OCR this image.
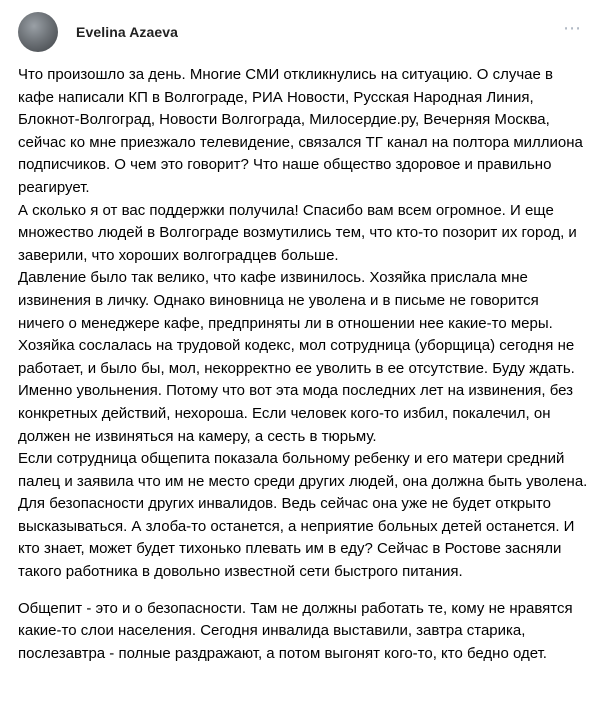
Evelina Azaeva	⋯

Что произошло за день. Многие СМИ откликнулись на ситуацию. О случае в кафе написали КП в Волгограде, РИА Новости, Русская Народная Линия, Блокнот-Волгоград, Новости Волгограда, Милосердие.ру, Вечерняя Москва, сейчас ко мне приезжало телевидение, связался ТГ канал на полтора миллиона подписчиков. О чем это говорит? Что наше общество здоровое и правильно реагирует.

А сколько я от вас поддержки получила! Спасибо вам всем огромное. И еще множество людей в Волгограде возмутились тем, что кто-то позорит их город, и заверили, что хороших волгоградцев больше.

Давление было так велико, что кафе извинилось. Хозяйка прислала мне извинения в личку. Однако виновница не уволена и в письме не говорится ничего о менеджере кафе, предприняты ли в отношении нее какие-то меры.

Хозяйка сослалась на трудовой кодекс, мол сотрудница (уборщица) сегодня не работает, и было бы, мол, некорректно ее уволить в ее отсутствие. Буду ждать. Именно увольнения. Потому что вот эта мода последних лет на извинения, без конкретных действий, нехороша. Если человек кого-то избил, покалечил, он должен не извиняться на камеру, а сесть в тюрьму.

Если сотрудница общепита показала больному ребенку и его матери средний палец и заявила что им не место среди других людей, она должна быть уволена.

Для безопасности других инвалидов. Ведь сейчас она уже не будет открыто высказываться. А злоба-то останется, а неприятие больных детей останется. И кто знает, может будет тихонько плевать им в еду? Сейчас в Ростове засняли такого работника в довольно известной сети быстрого питания.

Общепит - это и о безопасности. Там не должны работать те, кому не нравятся какие-то слои населения. Сегодня инвалида выставили, завтра старика, послезавтра - полные раздражают, а потом выгонят кого-то, кто бедно одет.
